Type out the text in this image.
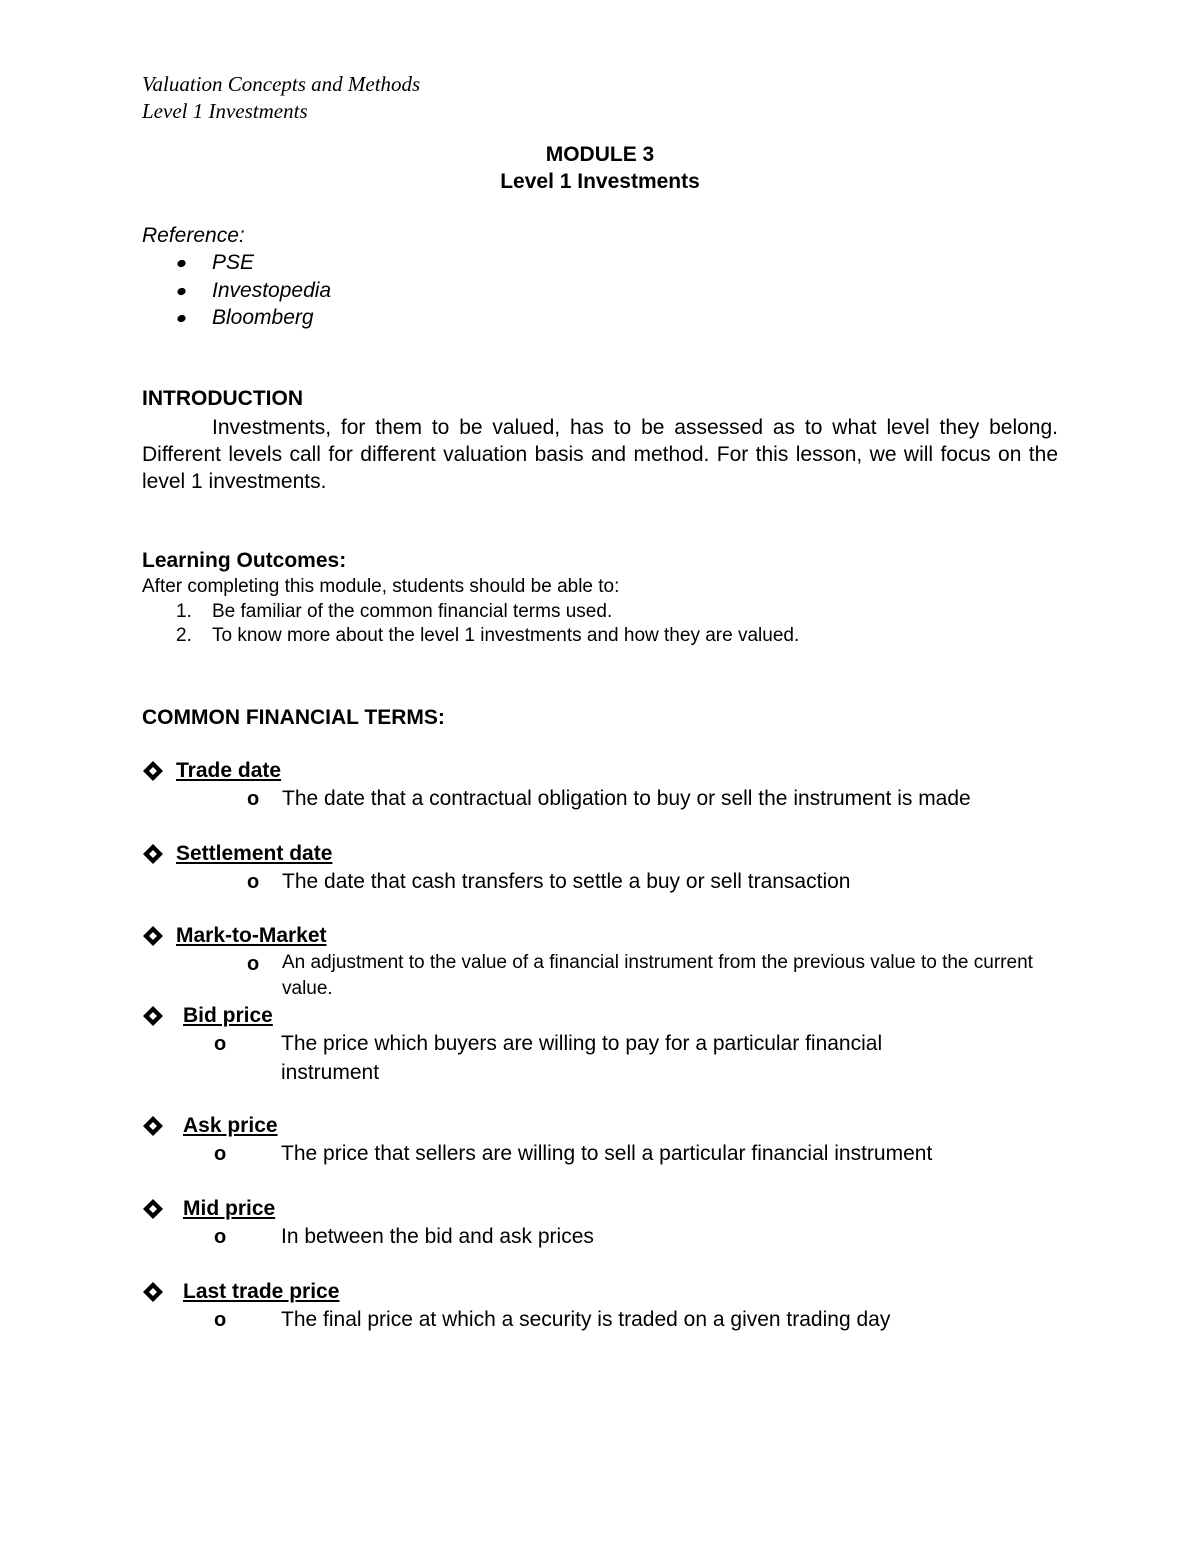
Valuation Concepts and Methods
Level 1 Investments
MODULE 3
Level 1 Investments
Reference:
PSE
Investopedia
Bloomberg
INTRODUCTION

Investments, for them to be valued, has to be assessed as to what level they belong. Different levels call for different valuation basis and method. For this lesson, we will focus on the level 1 investments.

Learning Outcomes:
After completing this module, students should be able to:
1. Be familiar of the common financial terms used.
2. To know more about the level 1 investments and how they are valued.
COMMON FINANCIAL TERMS:
Trade date
o The date that a contractual obligation to buy or sell the instrument is made
Settlement date
o The date that cash transfers to settle a buy or sell transaction
Mark-to-Market
o An adjustment to the value of a financial instrument from the previous value to the current value.
Bid price
o	The price which buyers are willing to pay for a particular financial instrument
Ask price
o	The price that sellers are willing to sell a particular financial instrument
Mid price
o	In between the bid and ask prices
Last trade price
o	The final price at which a security is traded on a given trading day
